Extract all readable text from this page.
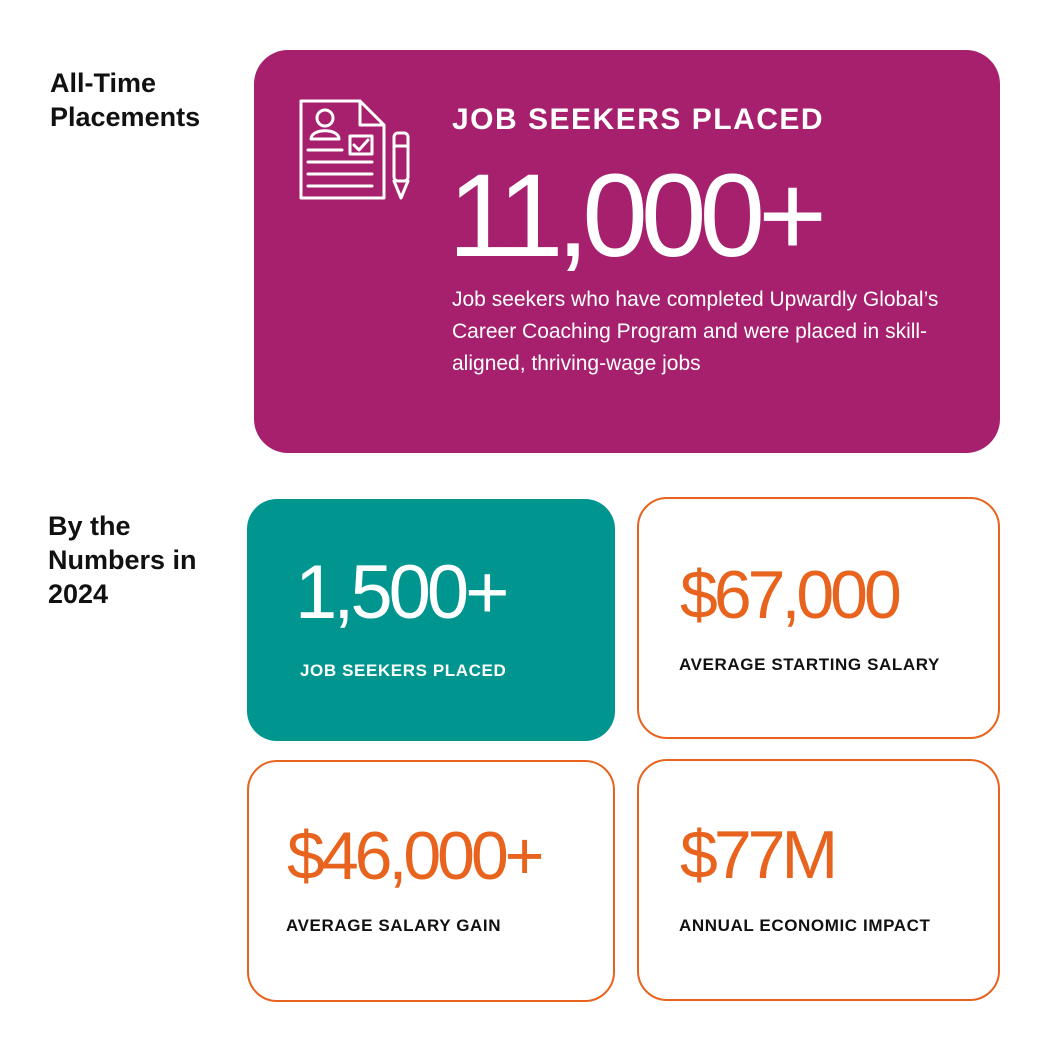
All-Time
Placements	JOB SEEKERS PLACED
11,000+
Job seekers who have completed Upwardly Global’s Career Coaching Program and were placed in skill-aligned, thriving-wage jobs
By the
Numbers in
2024	1,500+
JOB SEEKERS PLACED
$67,000
AVERAGE STARTING SALARY
$46,000+
AVERAGE SALARY GAIN
$77M
ANNUAL ECONOMIC IMPACT
